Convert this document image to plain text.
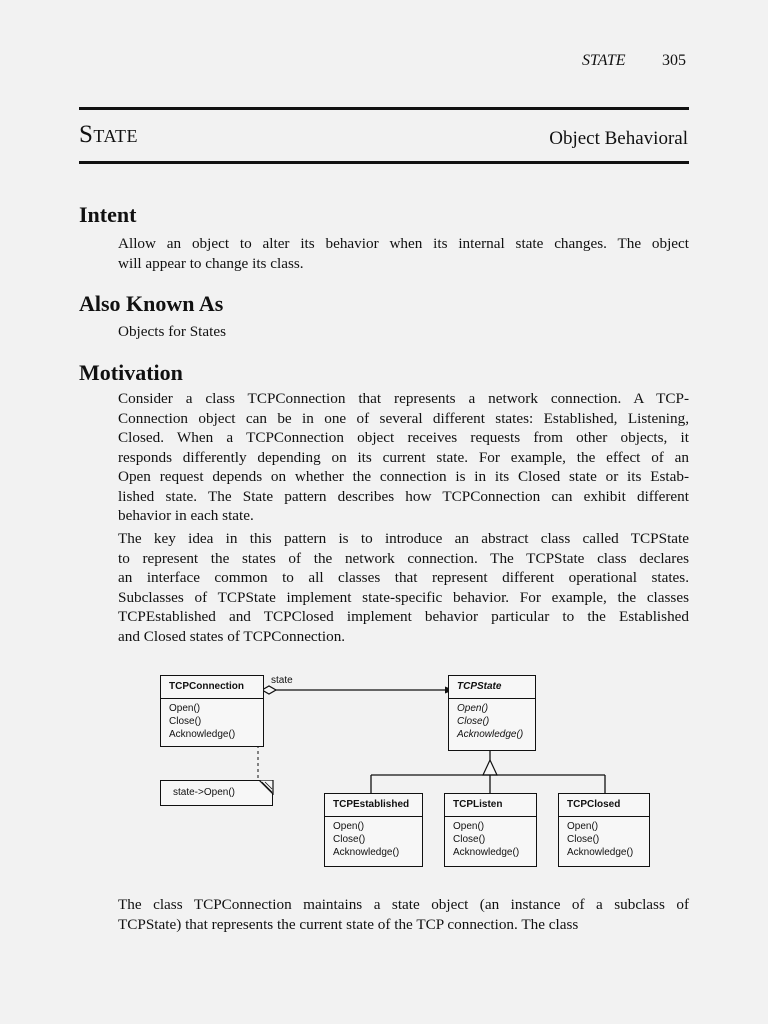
STATE 305
State	Object Behavioral
Intent
Allow an object to alter its behavior when its internal state changes. The object
will appear to change its class.
Also Known As
Objects for States
Motivation
Consider a class TCPConnection that represents a network connection. A TCP-
Connection object can be in one of several different states: Established, Listening,
Closed. When a TCPConnection object receives requests from other objects, it
responds differently depending on its current state. For example, the effect of an
Open request depends on whether the connection is in its Closed state or its Estab-
lished state. The State pattern describes how TCPConnection can exhibit different
behavior in each state.
The key idea in this pattern is to introduce an abstract class called TCPState
to represent the states of the network connection. The TCPState class declares
an interface common to all classes that represent different operational states.
Subclasses of TCPState implement state-specific behavior. For example, the classes
TCPEstablished and TCPClosed implement behavior particular to the Established
and Closed states of TCPConnection.
state
TCPConnection
Open()
Close()
Acknowledge()
state->Open()
TCPState
Open()
Close()
Acknowledge()
TCPEstablished
Open()
Close()
Acknowledge()
TCPListen
Open()
Close()
Acknowledge()
TCPClosed
Open()
Close()
Acknowledge()
The class TCPConnection maintains a state object (an instance of a subclass of
TCPState) that represents the current state of the TCP connection. The class
